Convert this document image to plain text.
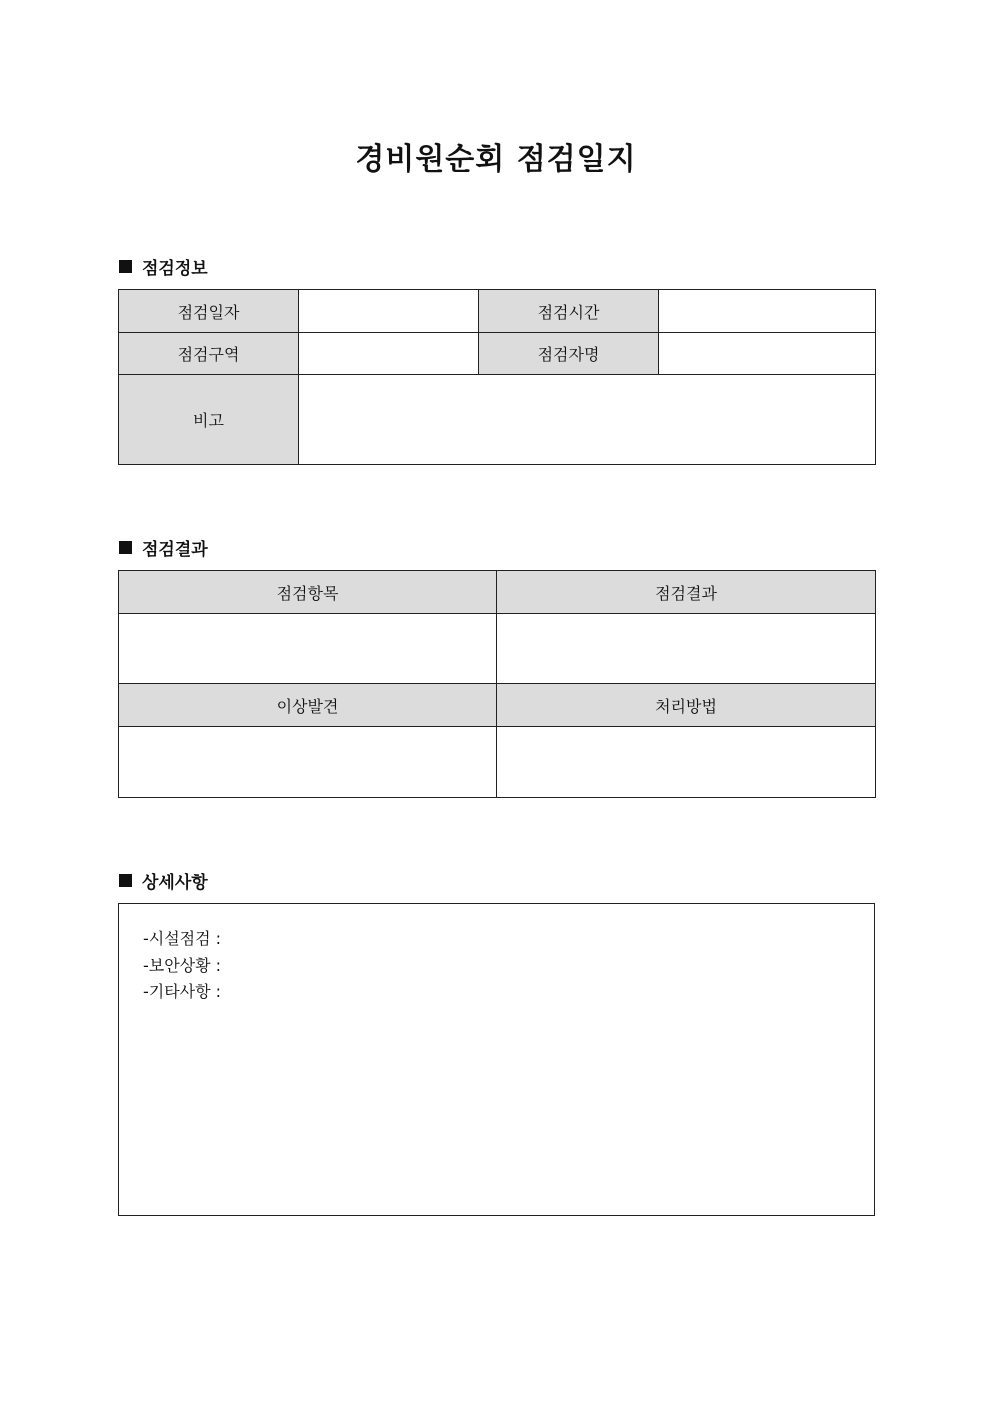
경비원순회 점검일지
점검정보
점검일자		점검시간	
점검구역		점검자명	
비고			
점검결과
점검항목	점검결과

이상발견	처리방법

상세사항
-시설점검 :
-보안상황 :
-기타사항 :
